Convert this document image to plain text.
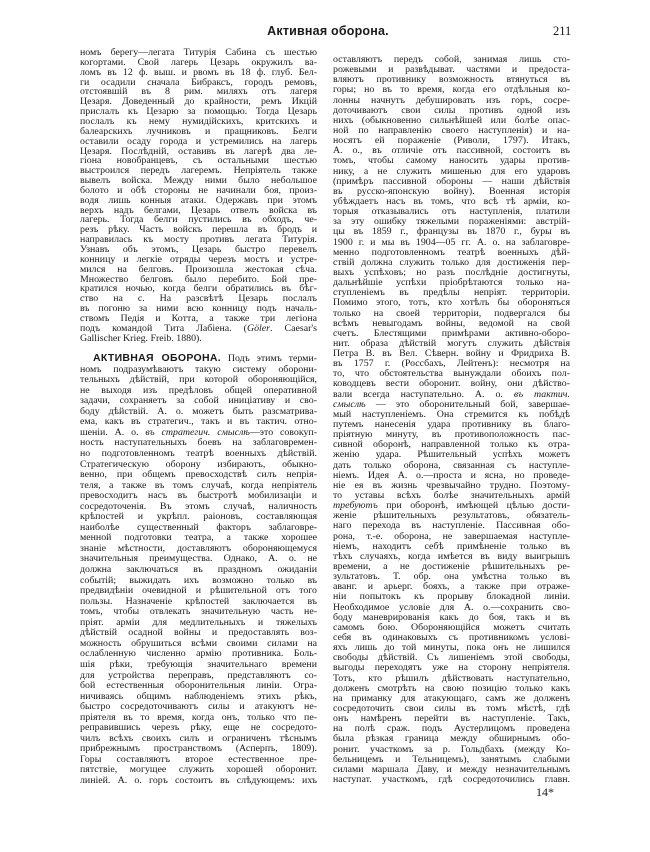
Активная оборона.	211
номъ берегу—легата Титурія Сабина съ шестью
когортами. Свой лагерь Цезарь окружилъ ва-
ломъ въ 12 ф. выш. и рвомъ въ 18 ф. глуб. Бел-
ги осадили сначала Бибраксъ, городъ ремовъ,
отстоявшій въ 8 рим. миляхъ отъ лагеря
Цезаря. Доведенный до крайности, ремъ Икцій
прислалъ къ Цезарю за помощью. Тогда Цезарь
послалъ къ нему нумидійскихъ, критскихъ и
балеарскихъ лучниковъ и пращниковъ. Белги
оставили осаду города и устремились на лагерь
Цезаря. Послѣдній, оставивъ въ лагерѣ два ле-
гіона новобранцевъ, съ остальными шестью
выстроился передъ лагеремъ. Непріятель также
вывелъ войска. Между ними было небольшое
болото и обѣ стороны не начинали боя, произ-
водя лишь конныя атаки. Одержавъ при этомъ
верхъ надъ белгами, Цезарь отвелъ войска въ
лагерь. Тогда белги пустились въ обходъ, че-
резъ рѣку. Часть войскъ перешла въ бродъ и
направилась къ мосту противъ легата Титурія.
Узнавъ объ этомъ, Цезарь быстро перевелъ
конницу и легкіе отряды черезъ мостъ и устре-
мился на белговъ. Произошла жестокая сѣча.
Множество белговъ было перебито. Бой пре-
кратился ночью, когда белги обратились въ бѣг-
ство на с. На разсвѣтѣ Цезарь послалъ
въ погоню за ними всю конницу подъ началь-
ствомъ Педія и Котта, а также три легіона
подъ командой Тита Лабіена. (Göler. Caesar's
Gallischer Krieg. Freib. 1880).
АКТИВНАЯ ОБОРОНА. Подъ этимъ терми-
номъ подразумѣваютъ такую систему оборони-
тельныхъ дѣйствій, при которой обороняющійся,
не выходя изъ предѣловъ общей оперативной
задачи, сохраняетъ за собой иниціативу и сво-
боду дѣйствій. А. о. можетъ быть разсматрива-
ема, какъ въ стратегич., такъ и въ тактич. отно-
шеніи. А. о. въ стратегич. смыслѣ—это совокуп-
ность наступательныхъ боевъ на заблаговремен-
но подготовленномъ театрѣ военныхъ дѣйствій.
Стратегическую оборону избираютъ, обыкно-
венно, при общемъ превосходствѣ силъ непрія-
теля, а также въ томъ случаѣ, когда непріятель
превосходитъ насъ въ быстротѣ мобилизаціи и
сосредоточенія. Въ этомъ случаѣ, наличность
крѣпостей и укрѣпл. раіоновъ, составляющая
наиболѣе существенный факторъ заблаговре-
менной подготовки театра, а также хорошее
знаніе мѣстности, доставляютъ обороняющемуся
значительныя преимущества. Однако, А. о. не
должна заключаться въ праздномъ ожиданіи
событій; выжидать ихъ возможно только въ
предвидѣніи очевидной и рѣшительной отъ того
пользы. Назначеніе крѣпостей заключается въ
томъ, чтобы отвлекать значительную часть не-
пріят. арміи для медлительныхъ и тяжелыхъ
дѣйствій осадной войны и предоставлять воз-
можность обрушиться всѣми своими силами на
ослабленную численно армію противника. Боль-
шія рѣки, требующія значительнаго времени
для устройства переправъ, представляютъ со-
бой естественныя оборонительныя линіи. Огра-
ничиваясь общимъ наблюденіемъ этихъ рѣкъ,
быстро сосредоточиваютъ силы и атакуютъ не-
пріятеля въ то время, когда онъ, только что пе-
реправившись черезъ рѣку, еще не сосредото-
чилъ всѣхъ своихъ силъ и ограниченъ тѣснымъ
прибрежнымъ пространствомъ (Асперпъ, 1809).
Горы составляютъ второе естественное пре-
пятствіе, могущее служить хорошей оборонит.
линіей. А. о. горъ состоитъ въ слѣдующемъ: ихъ
оставляютъ передъ собой, занимая лишь сто-
рожевыми и развѣдыват. частями и предоста-
вляютъ противнику возможность втянуться въ
горы; но въ то время, когда его отдѣльныя ко-
лонны начнутъ дебушировать изъ горъ, сосре-
доточиваютъ свои силы противъ одной изъ
нихъ (обыкновенно сильнѣйшей или болѣе опас-
ной по направленію своего наступленія) и на-
носятъ ей пораженіе (Риволи, 1797). Итакъ,
А. о., въ отличіе отъ пассивной, состоитъ въ
томъ, чтобы самому наносить удары против-
нику, а не служить мишенью для его ударовъ
(примѣръ пассивной обороны — наши дѣйствія
въ русско-японскую войну). Военная исторія
убѣждаетъ насъ въ томъ, что всѣ тѣ арміи, ко-
торыя отказывались отъ наступленія, платили
за эту ошибку тяжелыми пораженіями: австрій-
цы въ 1859 г., французы въ 1870 г., буры въ
1900 г. и мы въ 1904—05 гг. А. о. на заблаговре-
менно подготовленномъ театрѣ военныхъ дѣй-
ствій должна служить только для достиженія пер-
выхъ успѣховъ; но разъ послѣдніе достигнуты,
дальнѣйшіе успѣхи пріобрѣтаются только на-
ступленіемъ въ предѣлы непріят. территоріи.
Помимо этого, тотъ, кто хотѣлъ бы обороняться
только на своей территоріи, подвергался бы
всѣмъ невыгодамъ войны, ведомой на свой
счетъ. Блестящими примѣрами активно-оборо-
нит. образа дѣйствій могутъ служить дѣйствія
Петра В. въ Вел. Сѣверн. войну и Фридриха В.
въ 1757 г. (Россбахъ, Лейтенъ): несмотря на
то, что обстоятельства вынуждали обоихъ пол-
ководцевъ вести оборонит. войну, они дѣйство-
вали всегда наступательно. А. о. въ тактич.
смыслѣ — это оборонительный бой, завершае-
мый наступленіемъ. Она стремится къ побѣдѣ
путемъ нанесенія удара противнику въ благо-
пріятную минуту, въ противоположность пас-
сивной оборонѣ, направленной только къ отра-
женію удара. Рѣшительный успѣхъ можетъ
дать только оборона, связанная съ наступле-
ніемъ. Идея А. о.—проста и ясна, но проведе-
ніе ея въ жизнь чрезвычайно трудно. Поэтому-
то уставы всѣхъ болѣе значительныхъ армій
требуютъ при оборонѣ, имѣющей цѣлью дости-
женіе рѣшительныхъ результатовъ, обязатель-
наго перехода въ наступленіе. Пассивная обо-
рона, т.-е. оборона, не завершаемая наступле-
ніемъ, находитъ себѣ примѣненіе только въ
тѣхъ случаяхъ, когда имѣется въ виду выигрышъ
времени, а не достиженіе рѣшительныхъ ре-
зультатовъ. Т. обр. она умѣстна только въ
аванг. и арьерг. бояхъ, а также при отраже-
ніи попытокъ къ прорыву блокадной линіи.
Необходимое условіе для А. о.—сохранить сво-
боду маневрированія какъ до боя, такъ и въ
самомъ бою. Обороняющійся можетъ считать
себя въ одинаковыхъ съ противникомъ услові-
яхъ лишь до той минуты, пока онъ не лишился
свободы дѣйствій. Съ лишеніемъ этой свободы,
выгоды переходятъ уже на сторону непріятеля.
Тотъ, кто рѣшилъ дѣйствовать наступательно,
долженъ смотрѣть на свою позицію только какъ
на приманку для атакующаго, самъ же долженъ
сосредоточить свои силы въ томъ мѣстѣ, гдѣ
онъ намѣренъ перейти въ наступленіе. Такъ,
на полѣ сраж. подъ Аустерлицомъ проведена
была рѣзкая граница между обширнымъ обо-
ронит. участкомъ за р. Гольдбахъ (между Ко-
бельницемъ и Тельницемъ), занятымъ слабыми
силами маршала Даву, и между незначительнымъ
наступат. участкомъ, гдѣ сосредоточились главн.
14*
